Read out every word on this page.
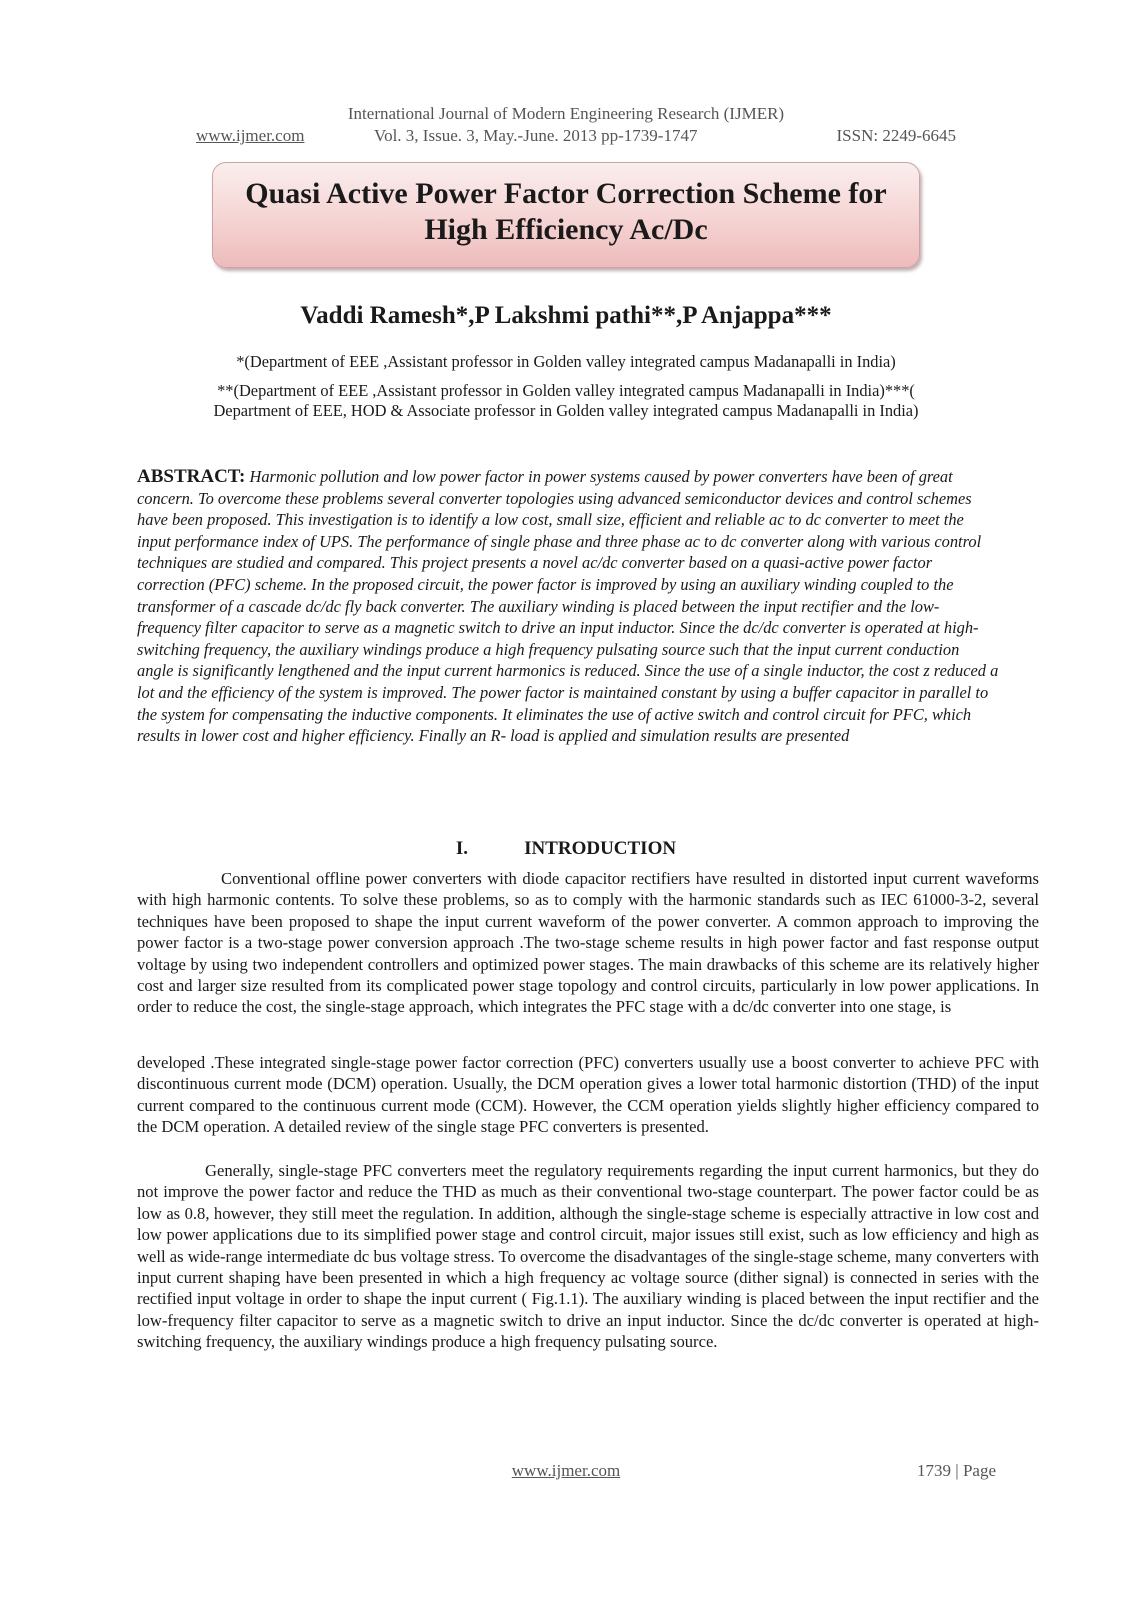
International Journal of Modern Engineering Research (IJMER)
www.ijmer.com	Vol. 3, Issue. 3, May.-June. 2013 pp-1739-1747	ISSN: 2249-6645
Quasi Active Power Factor Correction Scheme for
High Efficiency Ac/Dc
Vaddi Ramesh*,P Lakshmi pathi**,P Anjappa***
*(Department of EEE ,Assistant professor in Golden valley integrated campus Madanapalli in India)
**(Department of EEE ,Assistant professor in Golden valley integrated campus Madanapalli in India)***(
Department of EEE, HOD & Associate professor in Golden valley integrated campus Madanapalli in India)
ABSTRACT: Harmonic pollution and low power factor in power systems caused by power converters have been of great concern. To overcome these problems several converter topologies using advanced semiconductor devices and control schemes have been proposed. This investigation is to identify a low cost, small size, efficient and reliable ac to dc converter to meet the input performance index of UPS. The performance of single phase and three phase ac to dc converter along with various control techniques are studied and compared. This project presents a novel ac/dc converter based on a quasi-active power factor correction (PFC) scheme. In the proposed circuit, the power factor is improved by using an auxiliary winding coupled to the transformer of a cascade dc/dc fly back converter. The auxiliary winding is placed between the input rectifier and the low-frequency filter capacitor to serve as a magnetic switch to drive an input inductor. Since the dc/dc converter is operated at high-switching frequency, the auxiliary windings produce a high frequency pulsating source such that the input current conduction angle is significantly lengthened and the input current harmonics is reduced. Since the use of a single inductor, the cost z reduced a lot and the efficiency of the system is improved. The power factor is maintained constant by using a buffer capacitor in parallel to the system for compensating the inductive components. It eliminates the use of active switch and control circuit for PFC, which results in lower cost and higher efficiency. Finally an R- load is applied and simulation results are presented
I.	INTRODUCTION
Conventional offline power converters with diode capacitor rectifiers have resulted in distorted input current waveforms with high harmonic contents. To solve these problems, so as to comply with the harmonic standards such as IEC 61000-3-2, several techniques have been proposed to shape the input current waveform of the power converter. A common approach to improving the power factor is a two-stage power conversion approach .The two-stage scheme results in high power factor and fast response output voltage by using two independent controllers and optimized power stages. The main drawbacks of this scheme are its relatively higher cost and larger size resulted from its complicated power stage topology and control circuits, particularly in low power applications. In order to reduce the cost, the single-stage approach, which integrates the PFC stage with a dc/dc converter into one stage, is
developed .These integrated single-stage power factor correction (PFC) converters usually use a boost converter to achieve PFC with discontinuous current mode (DCM) operation. Usually, the DCM operation gives a lower total harmonic distortion (THD) of the input current compared to the continuous current mode (CCM). However, the CCM operation yields slightly higher efficiency compared to the DCM operation. A detailed review of the single stage PFC converters is presented.
Generally, single-stage PFC converters meet the regulatory requirements regarding the input current harmonics, but they do not improve the power factor and reduce the THD as much as their conventional two-stage counterpart. The power factor could be as low as 0.8, however, they still meet the regulation. In addition, although the single-stage scheme is especially attractive in low cost and low power applications due to its simplified power stage and control circuit, major issues still exist, such as low efficiency and high as well as wide-range intermediate dc bus voltage stress. To overcome the disadvantages of the single-stage scheme, many converters with input current shaping have been presented in which a high frequency ac voltage source (dither signal) is connected in series with the rectified input voltage in order to shape the input current ( Fig.1.1). The auxiliary winding is placed between the input rectifier and the low-frequency filter capacitor to serve as a magnetic switch to drive an input inductor. Since the dc/dc converter is operated at high-switching frequency, the auxiliary windings produce a high frequency pulsating source.
www.ijmer.com	1739 | Page
